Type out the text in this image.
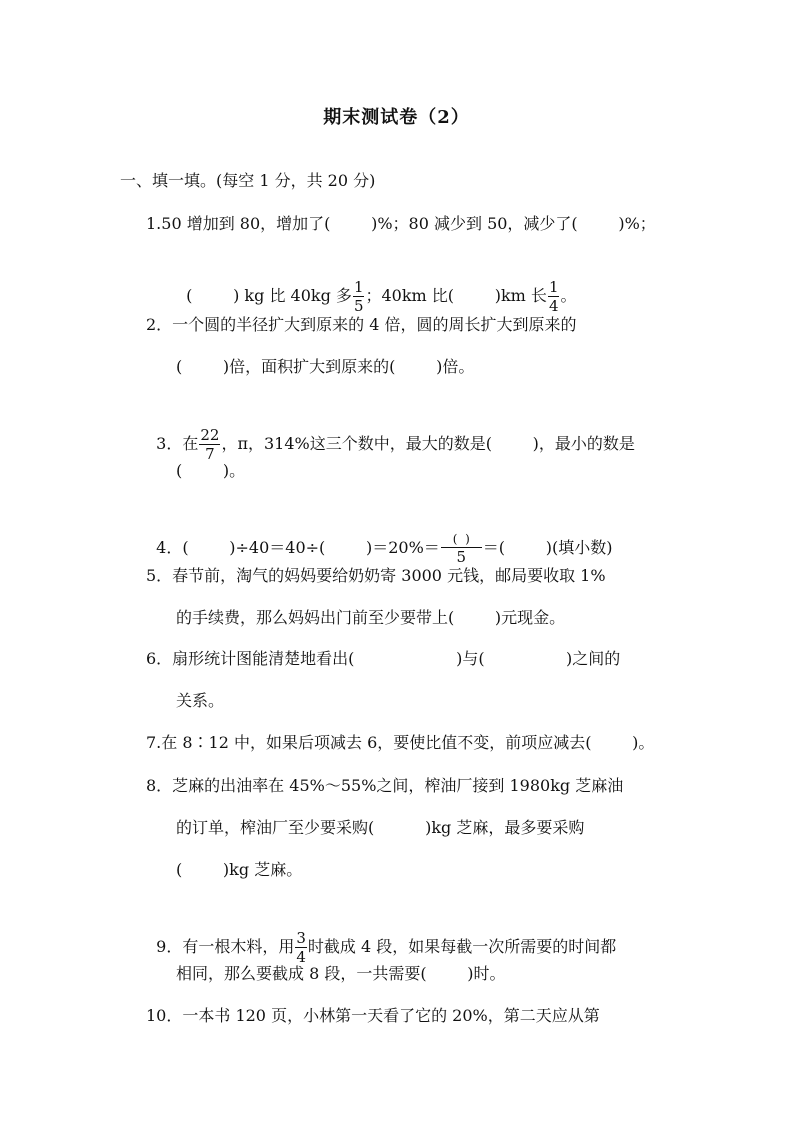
期末测试卷（2）
一、填一填。(每空 1 分，共 20 分)
1.50 增加到 80，增加了(        )%；80 减少到 50，减少了(        )%；

(        ) kg 比 40kg 多 $\frac{1}{5}$ ；40km 比(        )km 长 $\frac{1}{4}$ 。

2．一个圆的半径扩大到原来的 4 倍，圆的周长扩大到原来的
(        )倍，面积扩大到原来的(        )倍。

3．在 $\frac{22}{7}$ ，π，314%这三个数中，最大的数是(        )，最小的数是

(        )。

4．(        )÷40＝40÷(        )$=20\%= \frac{( )}{5}$ ＝(        )(填小数)

5．春节前，淘气的妈妈要给奶奶寄 3000 元钱，邮局要收取 1%
的手续费，那么妈妈出门前至少要带上(        )元现金。
6．扇形统计图能清楚地看出(                    )与(                )之间的
关系。
7.在 8∶12 中，如果后项减去 6，要使比值不变，前项应减去(        )。
8．芝麻的出油率在 45%～55%之间，榨油厂接到 1980kg 芝麻油
的订单，榨油厂至少要采购(          )kg 芝麻，最多要采购
(        )kg 芝麻。

9．有一根木料，用 $\frac{3}{4}$ 时截成 4 段，如果每截一次所需要的时间都

相同，那么要截成 8 段，一共需要(        )时。
10．一本书 120 页，小林第一天看了它的 20%，第二天应从第
